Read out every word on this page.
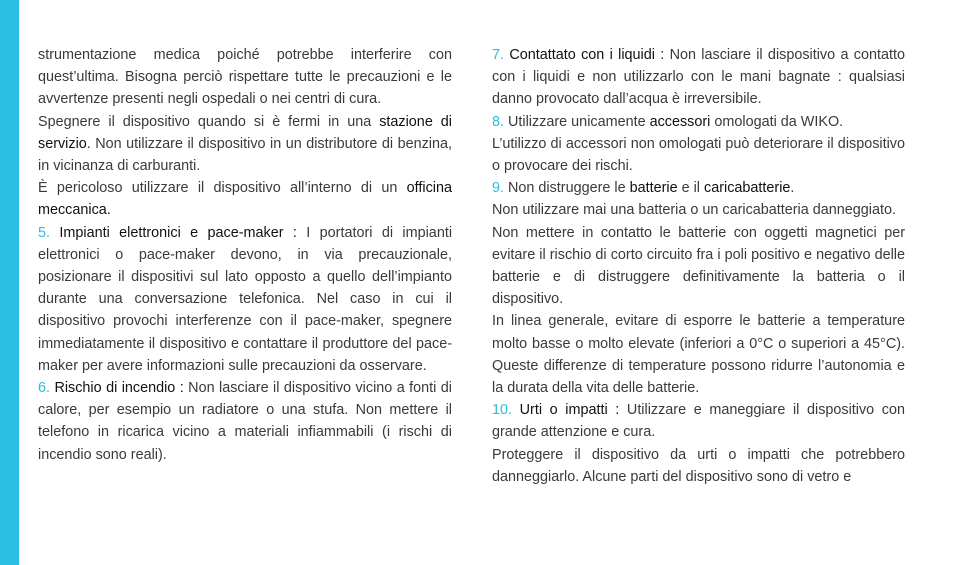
strumentazione medica poiché potrebbe interferire con quest’ultima. Bisogna perciò rispettare tutte le precauzioni e le avvertenze presenti negli ospedali o nei centri di cura.

Spegnere il dispositivo quando si è fermi in una stazione di servizio. Non utilizzare il dispositivo in un distributore di benzina, in vicinanza di carburanti.

È pericoloso utilizzare il dispositivo all’interno di un officina meccanica.

5. Impianti elettronici e pace-maker : I portatori di impianti elettronici o pace-maker devono, in via precauzionale, posizionare il dispositivi sul lato opposto a quello dell’impianto durante una conversazione telefonica. Nel caso in cui il dispositivo provochi interferenze con il pace-maker, spegnere immediatamente il dispositivo e contattare il produttore del pace-maker per avere informazioni sulle precauzioni da osservare.

6. Rischio di incendio : Non lasciare il dispositivo vicino a fonti di calore, per esempio un radiatore o una stufa. Non mettere il telefono in ricarica vicino a materiali infiammabili (i rischi di incendio sono reali).

7. Contattato con i liquidi : Non lasciare il dispositivo a contatto con i liquidi e non utilizzarlo con le mani bagnate : qualsiasi danno provocato dall’acqua è irreversibile.

8. Utilizzare unicamente accessori omologati da WIKO.

L’utilizzo di accessori non omologati può deteriorare il dispositivo o provocare dei rischi.

9. Non distruggere le batterie e il caricabatterie.

Non utilizzare mai una batteria o un caricabatteria danneggiato.

Non mettere in contatto le batterie con oggetti magnetici per evitare il rischio di corto circuito fra i poli positivo e negativo delle batterie e di distruggere definitivamente la batteria o il dispositivo.

In linea generale, evitare di esporre le batterie a temperature molto basse o molto elevate (inferiori a 0°C o superiori a 45°C). Queste differenze di temperature possono ridurre l’autonomia e la durata della vita delle batterie.

10. Urti o impatti : Utilizzare e maneggiare il dispositivo con grande attenzione e cura.

Proteggere il dispositivo da urti o impatti che potrebbero danneggiarlo. Alcune parti del dispositivo sono di vetro e
